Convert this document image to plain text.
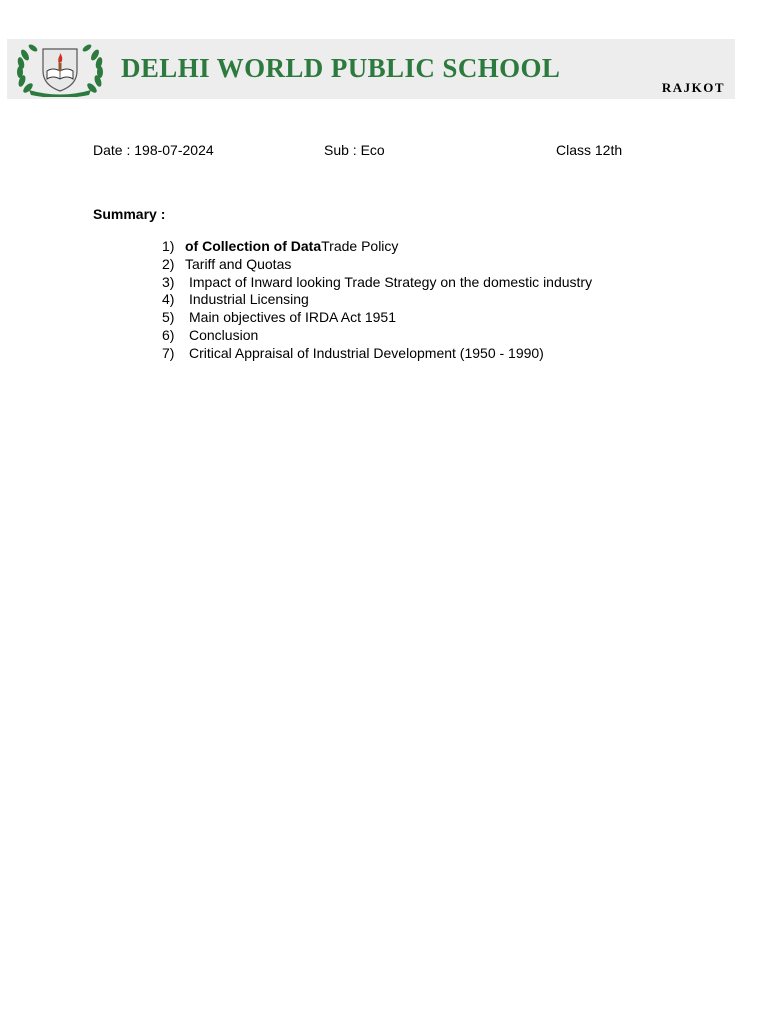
DELHI WORLD PUBLIC SCHOOL
RAJKOT
Date : 198-07-2024	Sub : Eco	Class 12th
Summary :
1) of Collection of DataTrade Policy
2) Tariff and Quotas
3) Impact of Inward looking Trade Strategy on the domestic industry
4) Industrial Licensing
5) Main objectives of IRDA Act 1951
6) Conclusion
7) Critical Appraisal of Industrial Development (1950 - 1990)
